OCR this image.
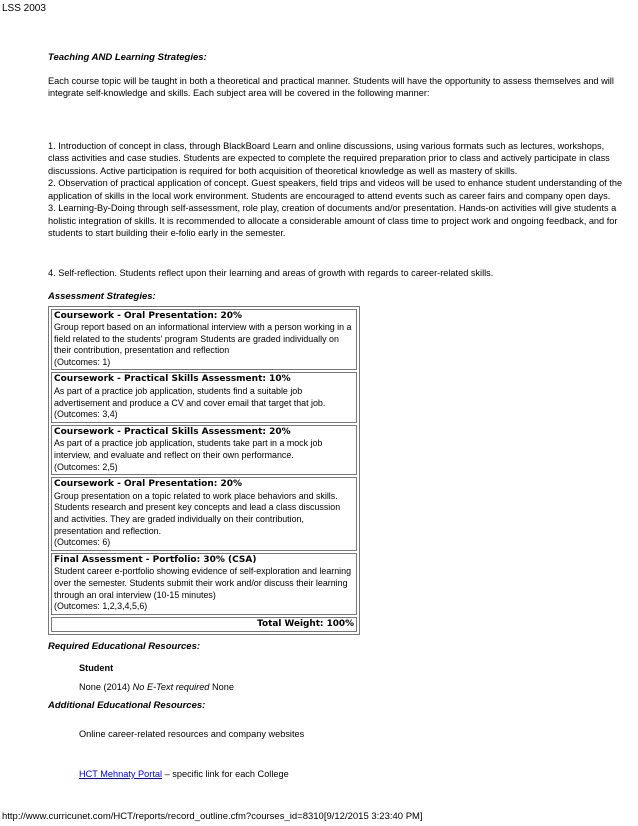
LSS 2003

Teaching AND Learning Strategies:

Each course topic will be taught in both a theoretical and practical manner. Students will have the opportunity to assess themselves and will integrate self-knowledge and skills. Each subject area will be covered in the following manner:

1. Introduction of concept in class, through BlackBoard Learn and online discussions, using various formats such as lectures, workshops, class activities and case studies. Students are expected to complete the required preparation prior to class and actively participate in class discussions. Active participation is required for both acquisition of theoretical knowledge as well as mastery of skills.

2. Observation of practical application of concept. Guest speakers, field trips and videos will be used to enhance student understanding of the application of skills in the local work environment. Students are encouraged to attend events such as career fairs and company open days.

3. Learning-By-Doing through self-assessment, role play, creation of documents and/or presentation. Hands-on activities will give students a holistic integration of skills. It is recommended to allocate a considerable amount of class time to project work and ongoing feedback, and for students to start building their e-folio early in the semester.

4. Self-reflection. Students reflect upon their learning and areas of growth with regards to career-related skills.

Assessment Strategies:

Coursework - Oral Presentation: 20%
Group report based on an informational interview with a person working in a field related to the students' program Students are graded individually on their contribution, presentation and reflection
(Outcomes: 1)

Coursework - Practical Skills Assessment: 10%
As part of a practice job application, students find a suitable job advertisement and produce a CV and cover email that target that job.
(Outcomes: 3,4)

Coursework - Practical Skills Assessment: 20%
As part of a practice job application, students take part in a mock job interview, and evaluate and reflect on their own performance.
(Outcomes: 2,5)

Coursework - Oral Presentation: 20%
Group presentation on a topic related to work place behaviors and skills. Students research and present key concepts and lead a class discussion and activities. They are graded individually on their contribution, presentation and reflection.
(Outcomes: 6)

Final Assessment - Portfolio: 30% (CSA)
Student career e-portfolio showing evidence of self-exploration and learning over the semester. Students submit their work and/or discuss their learning through an oral interview (10-15 minutes)
(Outcomes: 1,2,3,4,5,6)

Total Weight: 100%

Required Educational Resources:

Student

None (2014) No E-Text required None

Additional Educational Resources:

Online career-related resources and company websites

HCT Mehnaty Portal – specific link for each College

http://www.curricunet.com/HCT/reports/record_outline.cfm?courses_id=8310[9/12/2015 3:23:40 PM]
